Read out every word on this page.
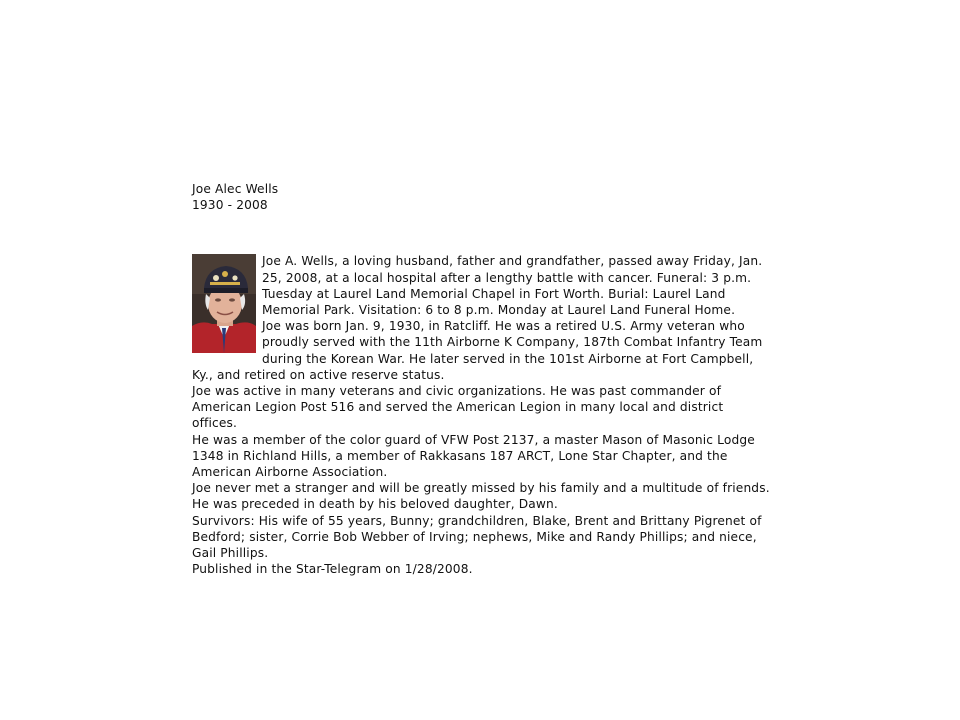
Joe Alec Wells

1930 - 2008

Joe A. Wells, a loving husband, father and grandfather, passed away Friday, Jan. 25, 2008, at a local hospital after a lengthy battle with cancer. Funeral: 3 p.m. Tuesday at Laurel Land Memorial Chapel in Fort Worth. Burial: Laurel Land Memorial Park. Visitation: 6 to 8 p.m. Monday at Laurel Land Funeral Home.

Joe was born Jan. 9, 1930, in Ratcliff. He was a retired U.S. Army veteran who proudly served with the 11th Airborne K Company, 187th Combat Infantry Team during the Korean War. He later served in the 101st Airborne at Fort Campbell, Ky., and retired on active reserve status.

Joe was active in many veterans and civic organizations. He was past commander of American Legion Post 516 and served the American Legion in many local and district offices.

He was a member of the color guard of VFW Post 2137, a master Mason of Masonic Lodge 1348 in Richland Hills, a member of Rakkasans 187 ARCT, Lone Star Chapter, and the American Airborne Association.

Joe never met a stranger and will be greatly missed by his family and a multitude of friends.

He was preceded in death by his beloved daughter, Dawn.

Survivors: His wife of 55 years, Bunny; grandchildren, Blake, Brent and Brittany Pigrenet of Bedford; sister, Corrie Bob Webber of Irving; nephews, Mike and Randy Phillips; and niece, Gail Phillips.

Published in the Star-Telegram on 1/28/2008.
